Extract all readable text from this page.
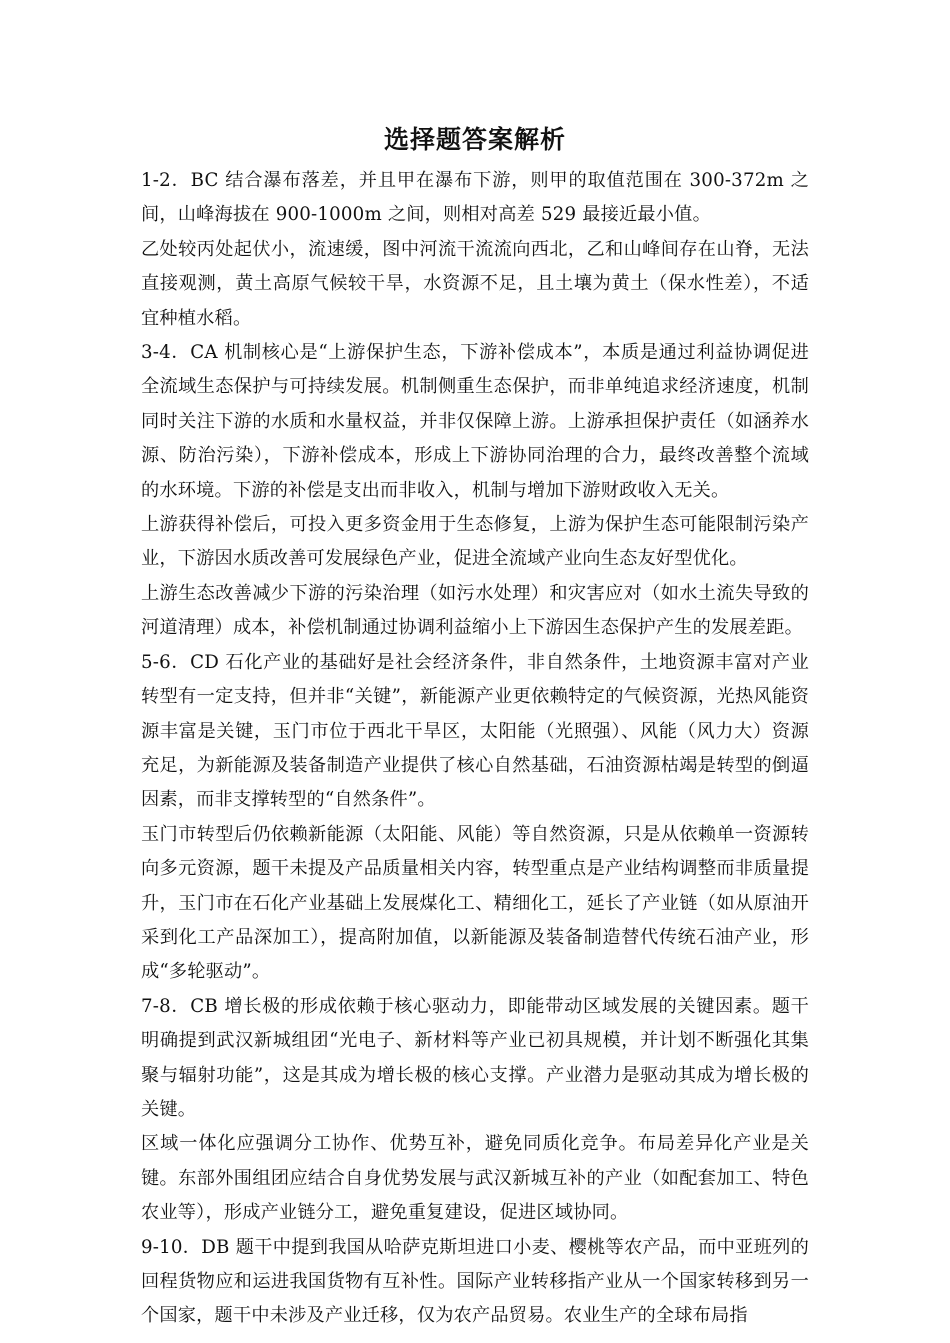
选择题答案解析

1-2．BC 结合瀑布落差，并且甲在瀑布下游，则甲的取值范围在 300-372m 之间，山峰海拔在 900-1000m 之间，则相对高差 529 最接近最小值。

乙处较丙处起伏小，流速缓，图中河流干流流向西北，乙和山峰间存在山脊，无法直接观测，黄土高原气候较干旱，水资源不足，且土壤为黄土（保水性差），不适宜种植水稻。

3-4．CA 机制核心是“上游保护生态，下游补偿成本”，本质是通过利益协调促进全流域生态保护与可持续发展。机制侧重生态保护，而非单纯追求经济速度，机制同时关注下游的水质和水量权益，并非仅保障上游。上游承担保护责任（如涵养水源、防治污染），下游补偿成本，形成上下游协同治理的合力，最终改善整个流域的水环境。下游的补偿是支出而非收入，机制与增加下游财政收入无关。

上游获得补偿后，可投入更多资金用于生态修复，上游为保护生态可能限制污染产业，下游因水质改善可发展绿色产业，促进全流域产业向生态友好型优化。

上游生态改善减少下游的污染治理（如污水处理）和灾害应对（如水土流失导致的河道清理）成本，补偿机制通过协调利益缩小上下游因生态保护产生的发展差距。

5-6．CD 石化产业的基础好是社会经济条件，非自然条件，土地资源丰富对产业转型有一定支持，但并非“关键”，新能源产业更依赖特定的气候资源，光热风能资源丰富是关键，玉门市位于西北干旱区，太阳能（光照强）、风能（风力大）资源充足，为新能源及装备制造产业提供了核心自然基础，石油资源枯竭是转型的倒逼因素，而非支撑转型的“自然条件”。

玉门市转型后仍依赖新能源（太阳能、风能）等自然资源，只是从依赖单一资源转向多元资源，题干未提及产品质量相关内容，转型重点是产业结构调整而非质量提升，玉门市在石化产业基础上发展煤化工、精细化工，延长了产业链（如从原油开采到化工产品深加工），提高附加值，以新能源及装备制造替代传统石油产业，形成“多轮驱动”。

7-8．CB 增长极的形成依赖于核心驱动力，即能带动区域发展的关键因素。题干明确提到武汉新城组团“光电子、新材料等产业已初具规模，并计划不断强化其集聚与辐射功能”，这是其成为增长极的核心支撑。产业潜力是驱动其成为增长极的关键。

区域一体化应强调分工协作、优势互补，避免同质化竞争。布局差异化产业是关键。东部外围组团应结合自身优势发展与武汉新城互补的产业（如配套加工、特色农业等），形成产业链分工，避免重复建设，促进区域协同。

9-10．DB 题干中提到我国从哈萨克斯坦进口小麦、樱桃等农产品，而中亚班列的回程货物应和运进我国货物有互补性。国际产业转移指产业从一个国家转移到另一个国家，题干中未涉及产业迁移，仅为农产品贸易。农业生产的全球布局指
